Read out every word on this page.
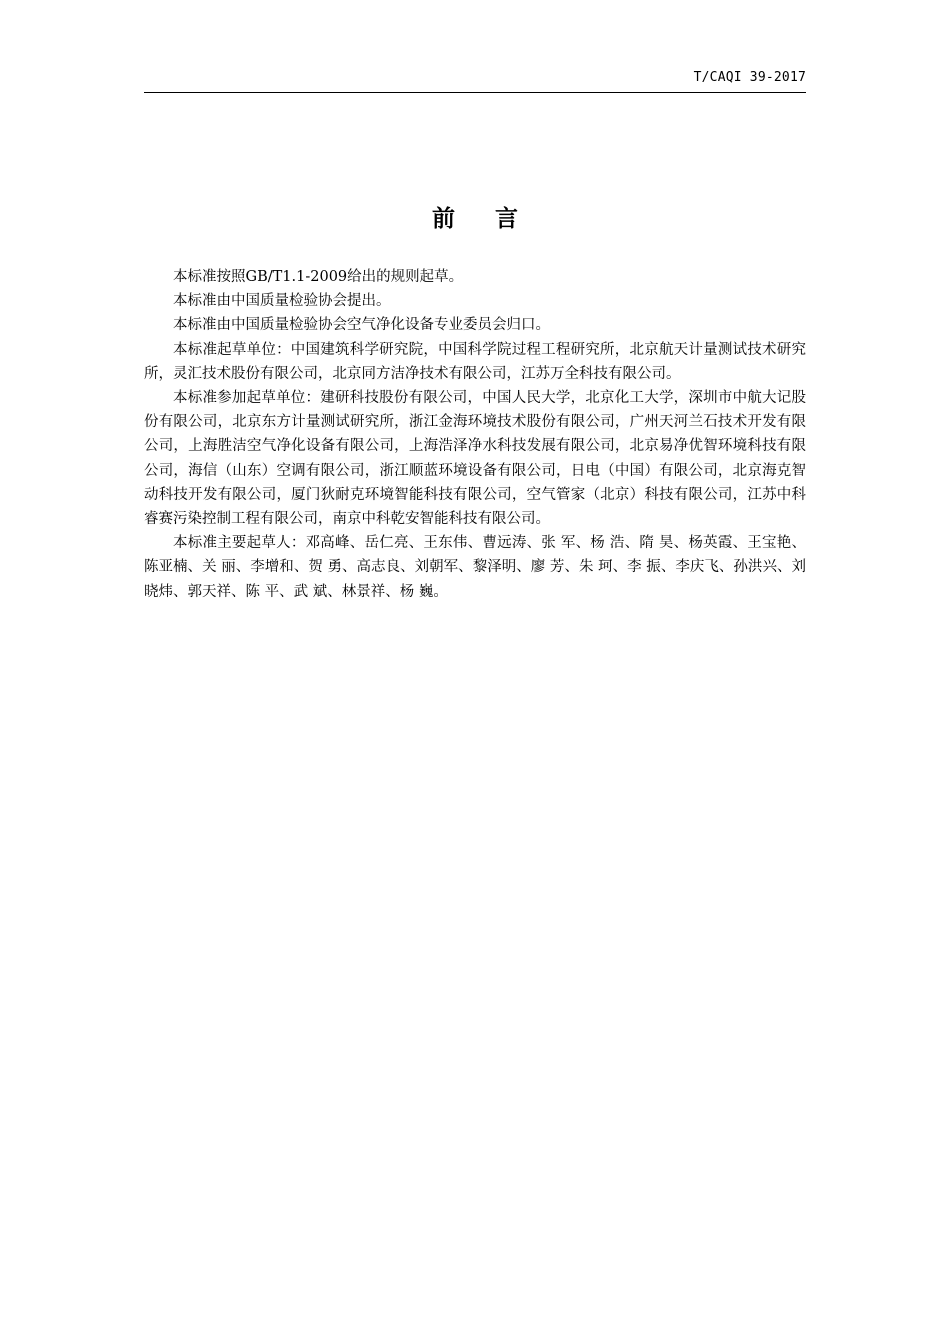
T/CAQI 39-2017
前言

本标准按照GB/T1.1-2009给出的规则起草。

本标准由中国质量检验协会提出。

本标准由中国质量检验协会空气净化设备专业委员会归口。

本标准起草单位：中国建筑科学研究院，中国科学院过程工程研究所，北京航天计量测试技术研究所，灵汇技术股份有限公司，北京同方洁净技术有限公司，江苏万全科技有限公司。

本标准参加起草单位：建研科技股份有限公司，中国人民大学，北京化工大学，深圳市中航大记股份有限公司，北京东方计量测试研究所，浙江金海环境技术股份有限公司，广州天河兰石技术开发有限公司，上海胜洁空气净化设备有限公司，上海浩泽净水科技发展有限公司，北京易净优智环境科技有限公司，海信（山东）空调有限公司，浙江顺蓝环境设备有限公司，日电（中国）有限公司，北京海克智动科技开发有限公司，厦门狄耐克环境智能科技有限公司，空气管家（北京）科技有限公司，江苏中科睿赛污染控制工程有限公司，南京中科乾安智能科技有限公司。

本标准主要起草人：邓高峰、岳仁亮、王东伟、曹远涛、张 军、杨 浩、隋 昊、杨英霞、王宝艳、陈亚楠、关 丽、李增和、贺 勇、高志良、刘朝军、黎泽明、廖 芳、朱 珂、李 振、李庆飞、孙洪兴、刘晓炜、郭天祥、陈 平、武 斌、林景祥、杨 巍。
